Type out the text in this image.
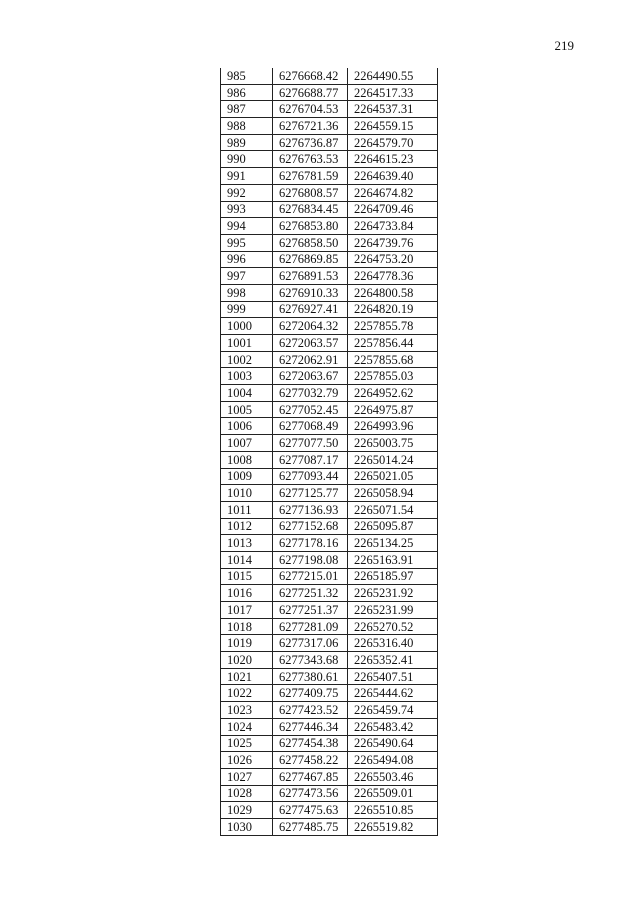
219
985	6276668.42	2264490.55
986	6276688.77	2264517.33
987	6276704.53	2264537.31
988	6276721.36	2264559.15
989	6276736.87	2264579.70
990	6276763.53	2264615.23
991	6276781.59	2264639.40
992	6276808.57	2264674.82
993	6276834.45	2264709.46
994	6276853.80	2264733.84
995	6276858.50	2264739.76
996	6276869.85	2264753.20
997	6276891.53	2264778.36
998	6276910.33	2264800.58
999	6276927.41	2264820.19
1000	6272064.32	2257855.78
1001	6272063.57	2257856.44
1002	6272062.91	2257855.68
1003	6272063.67	2257855.03
1004	6277032.79	2264952.62
1005	6277052.45	2264975.87
1006	6277068.49	2264993.96
1007	6277077.50	2265003.75
1008	6277087.17	2265014.24
1009	6277093.44	2265021.05
1010	6277125.77	2265058.94
1011	6277136.93	2265071.54
1012	6277152.68	2265095.87
1013	6277178.16	2265134.25
1014	6277198.08	2265163.91
1015	6277215.01	2265185.97
1016	6277251.32	2265231.92
1017	6277251.37	2265231.99
1018	6277281.09	2265270.52
1019	6277317.06	2265316.40
1020	6277343.68	2265352.41
1021	6277380.61	2265407.51
1022	6277409.75	2265444.62
1023	6277423.52	2265459.74
1024	6277446.34	2265483.42
1025	6277454.38	2265490.64
1026	6277458.22	2265494.08
1027	6277467.85	2265503.46
1028	6277473.56	2265509.01
1029	6277475.63	2265510.85
1030	6277485.75	2265519.82
